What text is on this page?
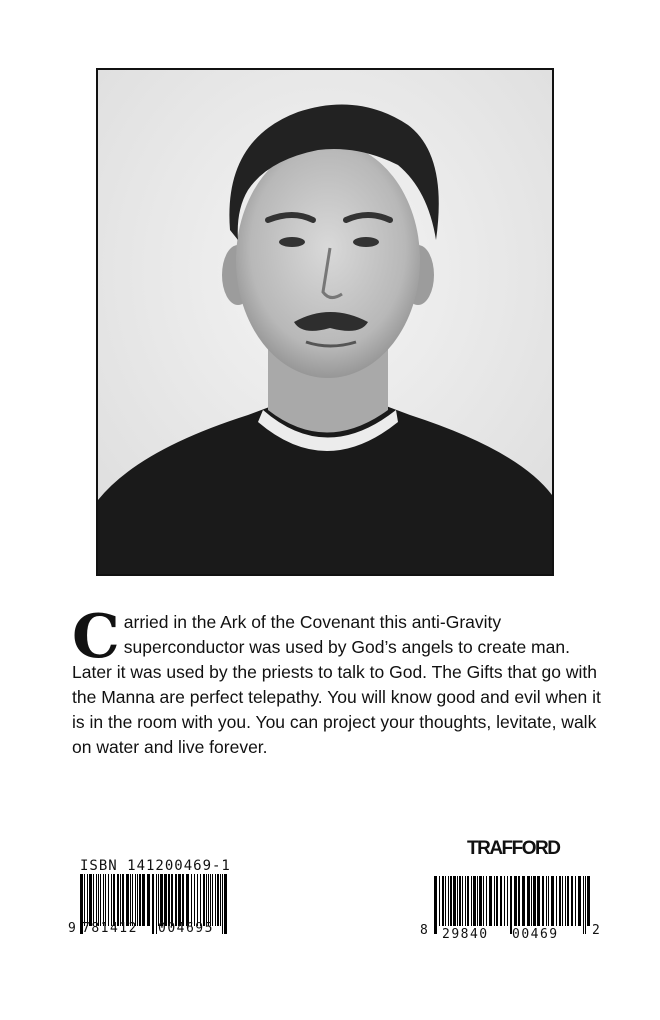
Carried in the Ark of the Covenant this anti-Gravity superconductor was used by God’s angels to create man. Later it was used by the priests to talk to God. The Gifts that go with the Manna are perfect telepathy. You will know good and evil when it is in the room with you. You can project your thoughts, levitate, walk on water and live forever.

ISBN 141200469-1
9 781412 004695
TRAFFORD
8 29840 00469	2
